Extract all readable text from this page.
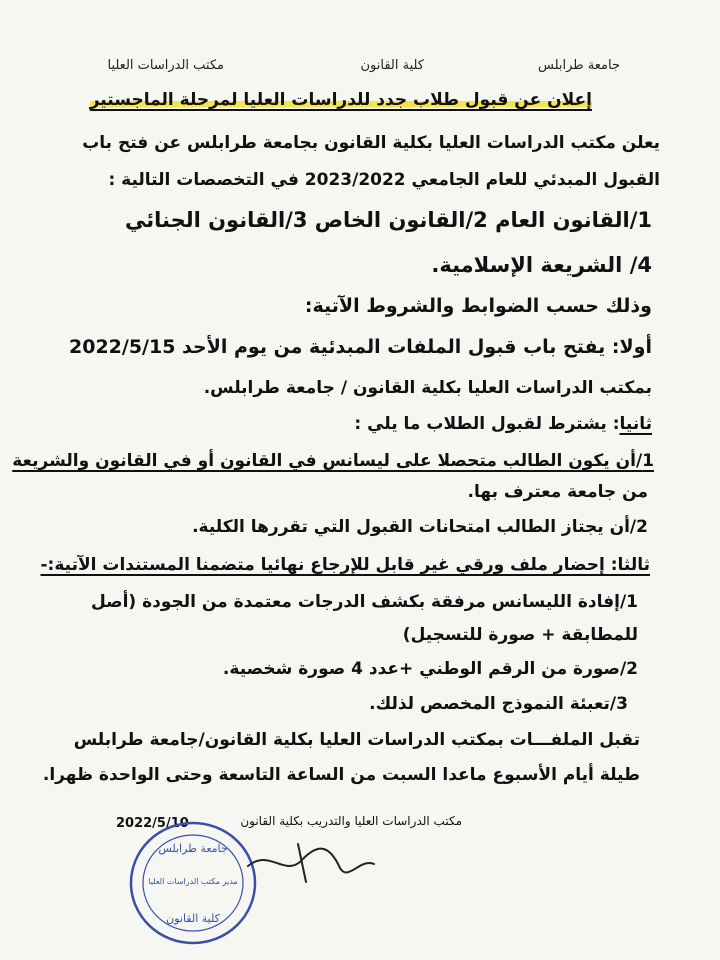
جامعة طرابلس
كلية القانون
مكتب الدراسات العليا
إعلان عن قبول طلاب جدد للدراسات العليا لمرحلة الماجستير
يعلن مكتب الدراسات العليا بكلية القانون بجامعة طرابلس عن فتح باب
القبول المبدئي للعام الجامعي 2023/2022 في التخصصات التالية :
1/القانون العام 2/القانون الخاص 3/القانون الجنائي
4/ الشريعة الإسلامية.
وذلك حسب الضوابط والشروط الآتية:
أولا: يفتح باب قبول الملفات المبدئية من يوم الأحد 2022/5/15
بمكتب الدراسات العليا بكلية القانون / جامعة طرابلس.
ثانيا: يشترط لقبول الطلاب ما يلي :
1/أن يكون الطالب متحصلا على ليسانس في القانون أو في القانون والشريعة
من جامعة معترف بها.
2/أن يجتاز الطالب امتحانات القبول التي تقررها الكلية.
ثالثا: إحضار ملف ورقي غير قابل للإرجاع نهائيا متضمنا المستندات الآتية:-
1/إفادة الليسانس مرفقة بكشف الدرجات معتمدة من الجودة (أصل
للمطابقة + صورة للتسجيل)
2/صورة من الرقم الوطني +عدد 4 صورة شخصية.
3/تعبئة النموذج المخصص لذلك.
تقبل الملفـــات بمكتب الدراسات العليا بكلية القانون/جامعة طرابلس
طيلة أيام الأسبوع ماعدا السبت من الساعة التاسعة وحتى الواحدة ظهرا.
مكتب الدراسات العليا والتدريب بكلية القانون
2022/5/10
جامعة طرابلس
مدير مكتب الدراسات العليا
كلية القانون
